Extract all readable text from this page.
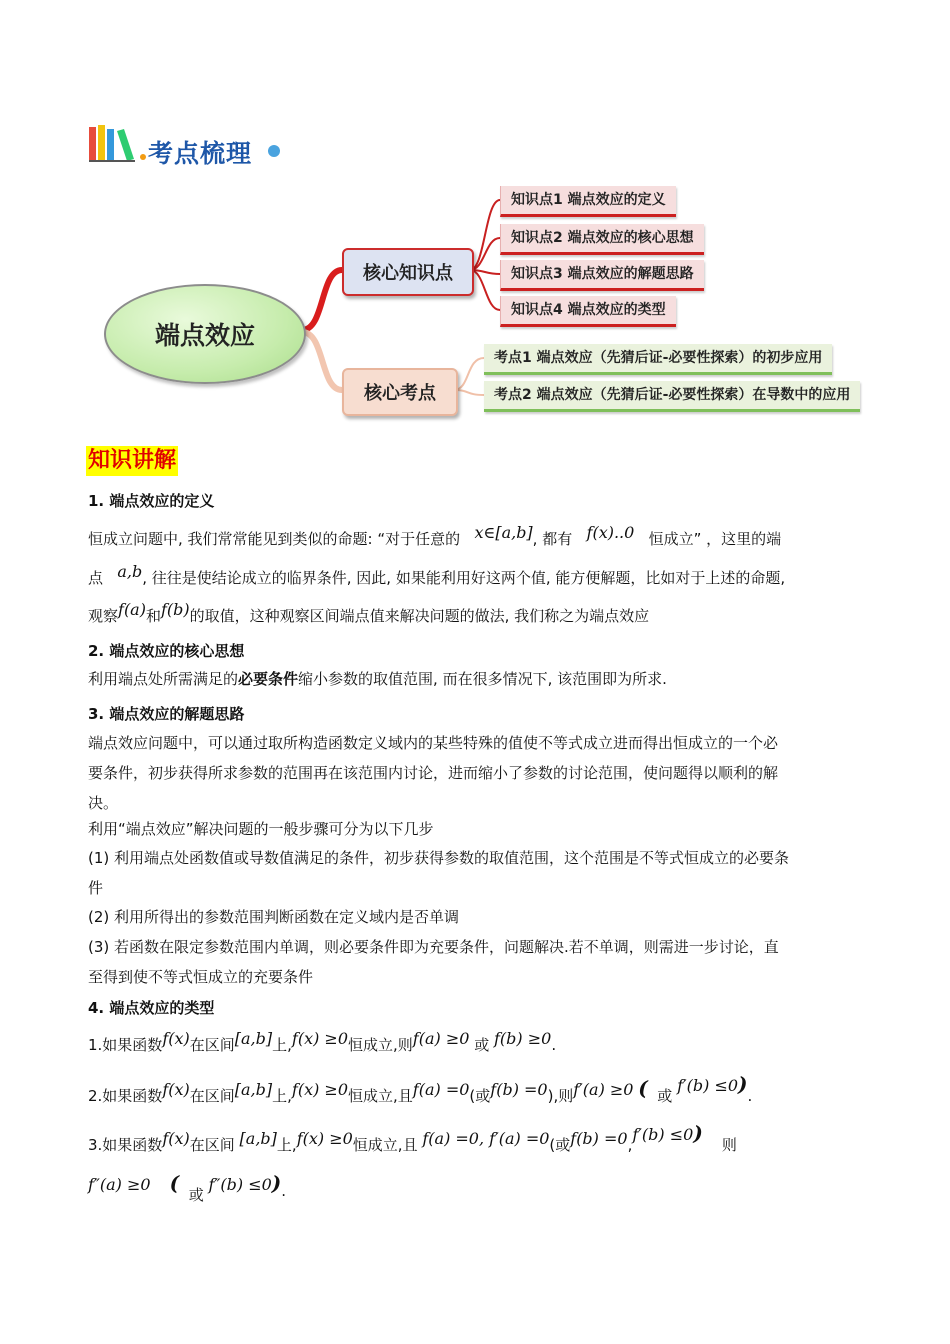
考点梳理
端点效应
核心知识点
核心考点
知识点1 端点效应的定义
知识点2 端点效应的核心思想
知识点3 端点效应的解题思路
知识点4 端点效应的类型
考点1 端点效应（先猜后证-必要性探索）的初步应用
考点2 端点效应（先猜后证-必要性探索）在导数中的应用
知识讲解
1. 端点效应的定义
恒成立问题中, 我们常常能见到类似的命题: “对于任意的 x∈[a,b], 都有 f(x)..0 恒成立” ，这里的端
点 a,b, 往往是使结论成立的临界条件, 因此, 如果能利用好这两个值, 能方便解题，比如对于上述的命题,
观察f(a)和f(b)的取值，这种观察区间端点值来解决问题的做法, 我们称之为端点效应
2. 端点效应的核心思想
利用端点处所需满足的必要条件缩小参数的取值范围, 而在很多情况下, 该范围即为所求.
3. 端点效应的解题思路
端点效应问题中，可以通过取所构造函数定义域内的某些特殊的值使不等式成立进而得出恒成立的一个必
要条件，初步获得所求参数的范围再在该范围内讨论，进而缩小了参数的讨论范围，使问题得以顺利的解
决。
利用“端点效应”解决问题的一般步骤可分为以下几步
(1) 利用端点处函数值或导数值满足的条件，初步获得参数的取值范围，这个范围是不等式恒成立的必要条
件
(2) 利用所得出的参数范围判断函数在定义域内是否单调
(3) 若函数在限定参数范围内单调，则必要条件即为充要条件，问题解决.若不单调，则需进一步讨论，直
至得到使不等式恒成立的充要条件
4. 端点效应的类型
1.如果函数f(x)在区间[a,b]上,f(x) ≥0恒成立,则f(a) ≥0 或 f(b) ≥0.
2.如果函数f(x)在区间[a,b]上,f(x) ≥0恒成立,且f(a) =0(或f(b) =0),则f′(a) ≥0 ( 或 f′(b) ≤0).
3.如果函数f(x)在区间 [a,b]上,f(x) ≥0恒成立,且 f(a) =0, f′(a) =0(或f(b) =0,f′(b) ≤0) 则
f″(a) ≥0 ( 或 f″(b) ≤0).
